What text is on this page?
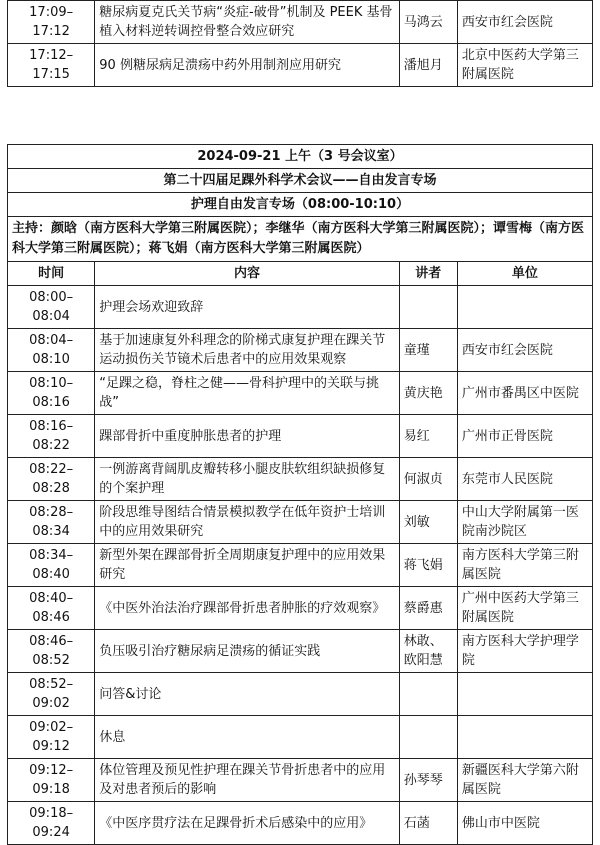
17:09–17:12	糖尿病夏克氏关节病“炎症-破骨”机制及 PEEK 基骨植入材料逆转调控骨整合效应研究	马鸿云	西安市红会医院
17:12–17:15	90 例糖尿病足溃疡中药外用制剂应用研究	潘旭月	北京中医药大学第三附属医院
2024-09-21 上午（3 号会议室）			
第二十四届足踝外科学术会议——自由发言专场			
护理自由发言专场（08:00-10:10）			
主持：颜晗（南方医科大学第三附属医院）；李继华（南方医科大学第三附属医院）；谭雪梅（南方医科大学第三附属医院）；蒋飞娟（南方医科大学第三附属医院）			
时间	内容	讲者	单位
08:00–08:04	护理会场欢迎致辞		
08:04–08:10	基于加速康复外科理念的阶梯式康复护理在踝关节运动损伤关节镜术后患者中的应用效果观察	童瑾	西安市红会医院
08:10–08:16	“足踝之稳，脊柱之健——骨科护理中的关联与挑战”	黄庆艳	广州市番禺区中医院
08:16–08:22	踝部骨折中重度肿胀患者的护理	易红	广州市正骨医院
08:22–08:28	一例游离背阔肌皮瓣转移小腿皮肤软组织缺损修复的个案护理	何淑贞	东莞市人民医院
08:28–08:34	阶段思维导图结合情景模拟教学在低年资护士培训中的应用效果研究	刘敏	中山大学附属第一医院南沙院区
08:34–08:40	新型外架在踝部骨折全周期康复护理中的应用效果研究	蒋飞娟	南方医科大学第三附属医院
08:40–08:46	《中医外治法治疗踝部骨折患者肿胀的疗效观察》	蔡爵惠	广州中医药大学第三附属医院
08:46–08:52	负压吸引治疗糖尿病足溃疡的循证实践	林敢、欧阳慧	南方医科大学护理学院
08:52–09:02	问答&讨论		
09:02–09:12	休息		
09:12–09:18	体位管理及预见性护理在踝关节骨折患者中的应用及对患者预后的影响	孙琴琴	新疆医科大学第六附属医院
09:18–09:24	《中医序贯疗法在足踝骨折术后感染中的应用》	石菡	佛山市中医院
